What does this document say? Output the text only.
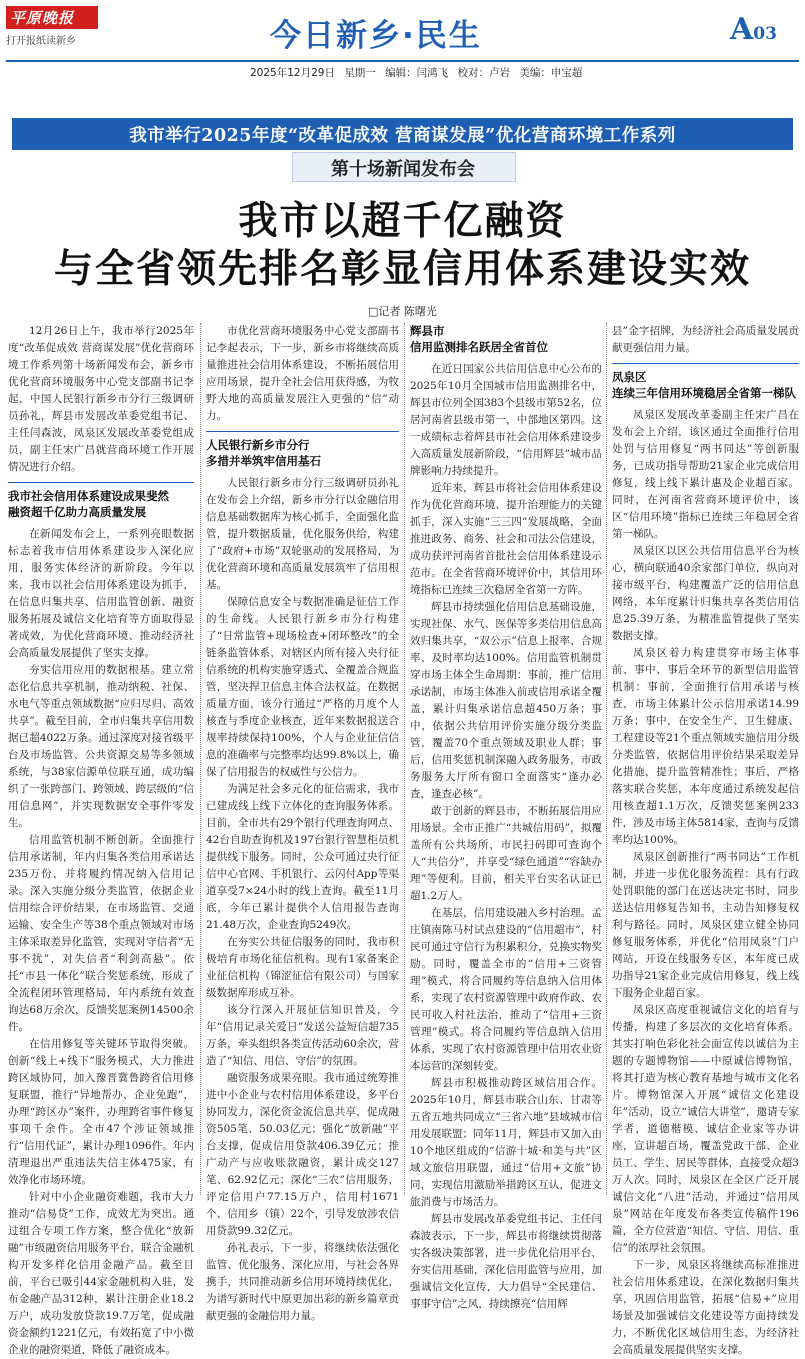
平原晚报
打开报纸读新乡	今日新乡·民生	A03
2025年12月29日 星期一 编辑：闫鸿飞 校对：卢岩 美编：申宝超
我市举行2025年度“改革促成效 营商谋发展”优化营商环境工作系列
第十场新闻发布会
我市以超千亿融资
与全省领先排名彰显信用体系建设实效
□记者 陈曙光

12月26日上午，我市举行2025年度“改革促成效 营商谋发展”优化营商环境工作系列第十场新闻发布会，新乡市优化营商环境服务中心党支部副书记李起，中国人民银行新乡市分行三级调研员孙礼，辉县市发展改革委党组书记、主任闫森波，凤泉区发展改革委党组成员，副主任宋广昌就营商环境工作开展情况进行介绍。

我市社会信用体系建设成果斐然
融资超千亿助力高质量发展

在新闻发布会上，一系列亮眼数据标志着我市信用体系建设步入深化应用，服务实体经济的新阶段。今年以来，我市以社会信用体系建设为抓手，在信息归集共享、信用监管创新、融资服务拓展及诚信文化培育等方面取得显著成效，为优化营商环境、推动经济社会高质量发展提供了坚实支撑。

夯实信用应用的数据根基。建立常态化信息共享机制，推动纳税、社保、水电气等重点领域数据“应归尽归、高效共享”。截至目前，全市归集共享信用数据已超4022万条。通过深度对接省级平台及市场监管、公共资源交易等多领域系统，与38家信源单位联互通，成功编织了一张跨部门、跨领域、跨层级的“信用信息网”，并实现数据安全事件零发生。

信用监管机制不断创新。全面推行信用承诺制，年内归集各类信用承诺达235万份，并将履约情况纳入信用记录。深入实施分级分类监管，依据企业信用综合评价结果，在市场监管、交通运输、安全生产等38个重点领域对市场主体采取差异化监管，实现对守信者“无事不扰”，对失信者“利剑高悬”。依托“市县一体化”联合奖惩系统，形成了全流程闭环管理格局，年内系统有效查询达68万余次，反馈奖惩案例14500余件。

在信用修复等关键环节取得突破。创新“线上+线下”服务模式，大力推进跨区域协同，加入豫晋冀鲁跨省信用修复联盟，推行“异地帮办、企业免跑”，办理“跨区办”案件，办理跨省事件修复事项千余件。全市47个涉证领域推行“信用代证”，累计办理1096件。年内清理退出严重违法失信主体475家，有效净化市场环境。

针对中小企业融资难题，我市大力推动“信易贷”工作，成效尤为突出。通过组合专项工作方案，整合优化“放新融”市级融资信用服务平台，联合金融机构开发多样化信用金融产品。截至目前，平台已吸引44家金融机构入驻，发布金融产品312种，累计注册企业18.2万户，成功发放贷款19.7万笔，促成融资金额约1221亿元，有效拓宽了中小微企业的融资渠道，降低了融资成本。

市优化营商环境服务中心党支部副书记李起表示，下一步，新乡市将继续高质量推进社会信用体系建设，不断拓展信用应用场景，提升全社会信用获得感，为牧野大地的高质量发展注入更强的“信”动力。

人民银行新乡市分行
多措并举筑牢信用基石

人民银行新乡市分行三级调研员孙礼在发布会上介绍，新乡市分行以金融信用信息基础数据库为核心抓手，全面强化监管，提升数据质量，优化服务供给，构建了“政府+市场”双轮驱动的发展格局，为优化营商环境和高质量发展筑牢了信用根基。

保障信息安全与数据准确是征信工作的生命线。人民银行新乡市分行构建了“日常监管+现场检查+闭环整改”的全链条监管体系，对辖区内所有接入央行征信系统的机构实施穿透式、全覆盖合规监管，坚决捍卫信息主体合法权益。在数据质量方面，该分行通过“严格的月度个人核查与季度企业核查，近年来数据报送合规率持续保持100%，个人与企业征信信息的准确率与完整率均达99.8%以上，确保了信用报告的权威性与公信力。

为满足社会多元化的征信需求，我市已建成线上线下立体化的查询服务体系。目前，全市共有29个银行代理查询网点、42台自助查询机及197台银行智慧柜员机提供线下服务。同时，公众可通过央行征信中心官网、手机银行、云闪付App等渠道享受7×24小时的线上查询。截至11月底，今年已累计提供个人信用报告查询21.48万次，企业查询5249次。

在夯实公共征信服务的同时，我市积极培育市场化征信机构。现有1家备案企业征信机构（锦涩征信有限公司）与国家级数据库形成互补。

该分行深入开展征信知识普及，今年“信用记录关爱日”发送公益短信超735万条，牵头组织各类宣传活动60余次，营造了“知信、用信、守信”的氛围。

融资服务成果亮眼。我市通过统筹推进中小企业与农村信用体系建设，多平台协同发力，深化资金流信息共享，促成融资505笔、50.03亿元；强化“放新融”平台支撑，促成信用贷款406.39亿元；推广动产与应收账款融资，累计成交127笔、62.92亿元；深化“三农”信用服务，评定信用户77.15万户，信用村1671个、信用乡（镇）22个，引导发放涉农信用贷款99.32亿元。

孙礼表示，下一步，将继续依法强化监管、优化服务、深化应用，与社会各界携手，共同推动新乡信用环境持续优化，为谱写新时代中原更加出彩的新乡篇章贡献更强的金融信用力量。

辉县市
信用监测排名跃居全省首位

在近日国家公共信用信息中心公布的2025年10月全国城市信用监测排名中，辉县市位列全国383个县级市第52名，位居河南省县级市第一，中部地区第四。这一成绩标志着辉县市社会信用体系建设步入高质量发展新阶段，“信用辉县”城市品牌影响力持续提升。

近年来，辉县市将社会信用体系建设作为优化营商环境、提升治理能力的关键抓手，深入实施“三三四”发展战略，全面推进政务、商务、社会和司法公信建设，成功获评河南省首批社会信用体系建设示范市。在全省营商环境评价中，其信用环境指标已连续三次稳居全省第一方阵。

辉县市持续强化信用信息基础设施，实现社保、水气、医保等多类信用信息高效归集共享，“双公示”信息上报率、合规率、及时率均达100%。信用监管机制贯穿市场主体全生命周期：事前，推广信用承诺制，市场主体准入前或信用承诺全覆盖，累计归集承诺信息超450万条；事中，依据公共信用评价实施分级分类监管，覆盖70个重点领域及职业人群；事后，信用奖惩机制深融入政务服务，市政务服务大厅所有窗口全面落实“逢办必查，逢查必核”。

敢于创新的辉县市，不断拓展信用应用场景。全市正推广“共城信用码”，拟覆盖所有公共场所，市民扫码即可查询个人“共信分”，并享受“绿色通道”“容缺办理”等便利。目前，相关平台实名认证已超1.2万人。

在基层，信用建设融入乡村治理。孟庄镇南陈马村试点建设的“信用超市”，村民可通过守信行为积累积分，兑换实物奖励。同时，覆盖全市的“信用+三资管理”模式，将合同履约等信息纳入信用体系，实现了农村资源管理中政府作政、农民可收入村社法治，推动了“信用+三资管理”模式。将合同履约等信息纳入信用体系，实现了农村资源管理中信用农业资本运营的深刻转变。

辉县市积极推动跨区域信用合作。2025年10月，辉县市联合山东、甘肃等五省五地共同成立“三省六地”县域城市信用发展联盟；同年11月，辉县市又加入由10个地区组成的“信游十城·和美与共”区域文旅信用联盟，通过“信用+文旅”协同，实现信用激励举措跨区互认，促进文旅消费与市场活力。

辉县市发展改革委党组书记、主任闫森波表示，下一步，辉县市将继续贯彻落实各级决策部署，进一步优化信用平台，夯实信用基础，深化信用监管与应用，加强诚信文化宣传，大力倡导“全民建信、事事守信”之风，持续擦亮“信用辉

县”金字招牌，为经济社会高质量发展贡献更强信用力量。

凤泉区
连续三年信用环境稳居全省第一梯队

凤泉区发展改革委副主任宋广昌在发布会上介绍，该区通过全面推行信用处罚与信用修复“两书同达”等创新服务，已成功指导帮助21家企业完成信用修复，线上线下累计惠及企业超百家。同时，在河南省营商环境评价中，该区“信用环境”指标已连续三年稳居全省第一梯队。

凤泉区以区公共信用信息平台为核心，横向联通40余家部门单位，纵向对接市级平台，构建覆盖广泛的信用信息网络，本年度累计归集共享各类信用信息25.39万条，为精准监管提供了坚实数据支撑。

凤泉区着力构建贯穿市场主体事前、事中、事后全环节的新型信用监管机制：事前，全面推行信用承诺与核查，市场主体累计公示信用承诺14.99万条；事中，在安全生产、卫生健康、工程建设等21个重点领域实施信用分级分类监管，依据信用评价结果采取差异化措施，提升监管精准性；事后，严格落实联合奖惩，本年度通过系统发起信用核查超1.1万次，反馈奖惩案例233件，涉及市场主体5814家，查询与反馈率均达100%。

凤泉区创新推行“两书同达”工作机制，并进一步优化服务流程：具有行政处罚职能的部门在送达决定书时，同步送达信用修复告知书，主动告知修复权利与路径。同时，凤泉区建立健全协同修复服务体系，并优化“信用凤泉”门户网站，开设在线服务专区，本年度已成功指导21家企业完成信用修复，线上线下服务企业超百家。

凤泉区高度重视诚信文化的培育与传播，构建了多层次的文化培育体系。其实打响色彩化社会面宣传以诚信为主题的专题博物馆——中原诚信博物馆，将其打造为核心教育基地与城市文化名片。博物馆深入开展“诚信文化建设年”活动，设立“诚信大讲堂”，邀请专家学者，道德楷模、诚信企业家等办讲座，宣讲超百场，覆盖党政干部、企业员工、学生、居民等群体，直接受众超3万人次。同时，凤泉区在全区广泛开展诚信文化“八进”活动，并通过“信用凤泉”网站在年度发布各类宣传稿件196篇，全方位营造“知信、守信、用信、重信”的浓厚社会氛围。

下一步，凤泉区将继续高标准推进社会信用体系建设，在深化数据归集共享，巩固信用监管，拓展“信易+”应用场景及加强诚信文化建设等方面持续发力，不断优化区域信用生态，为经济社会高质量发展提供坚实支撑。
